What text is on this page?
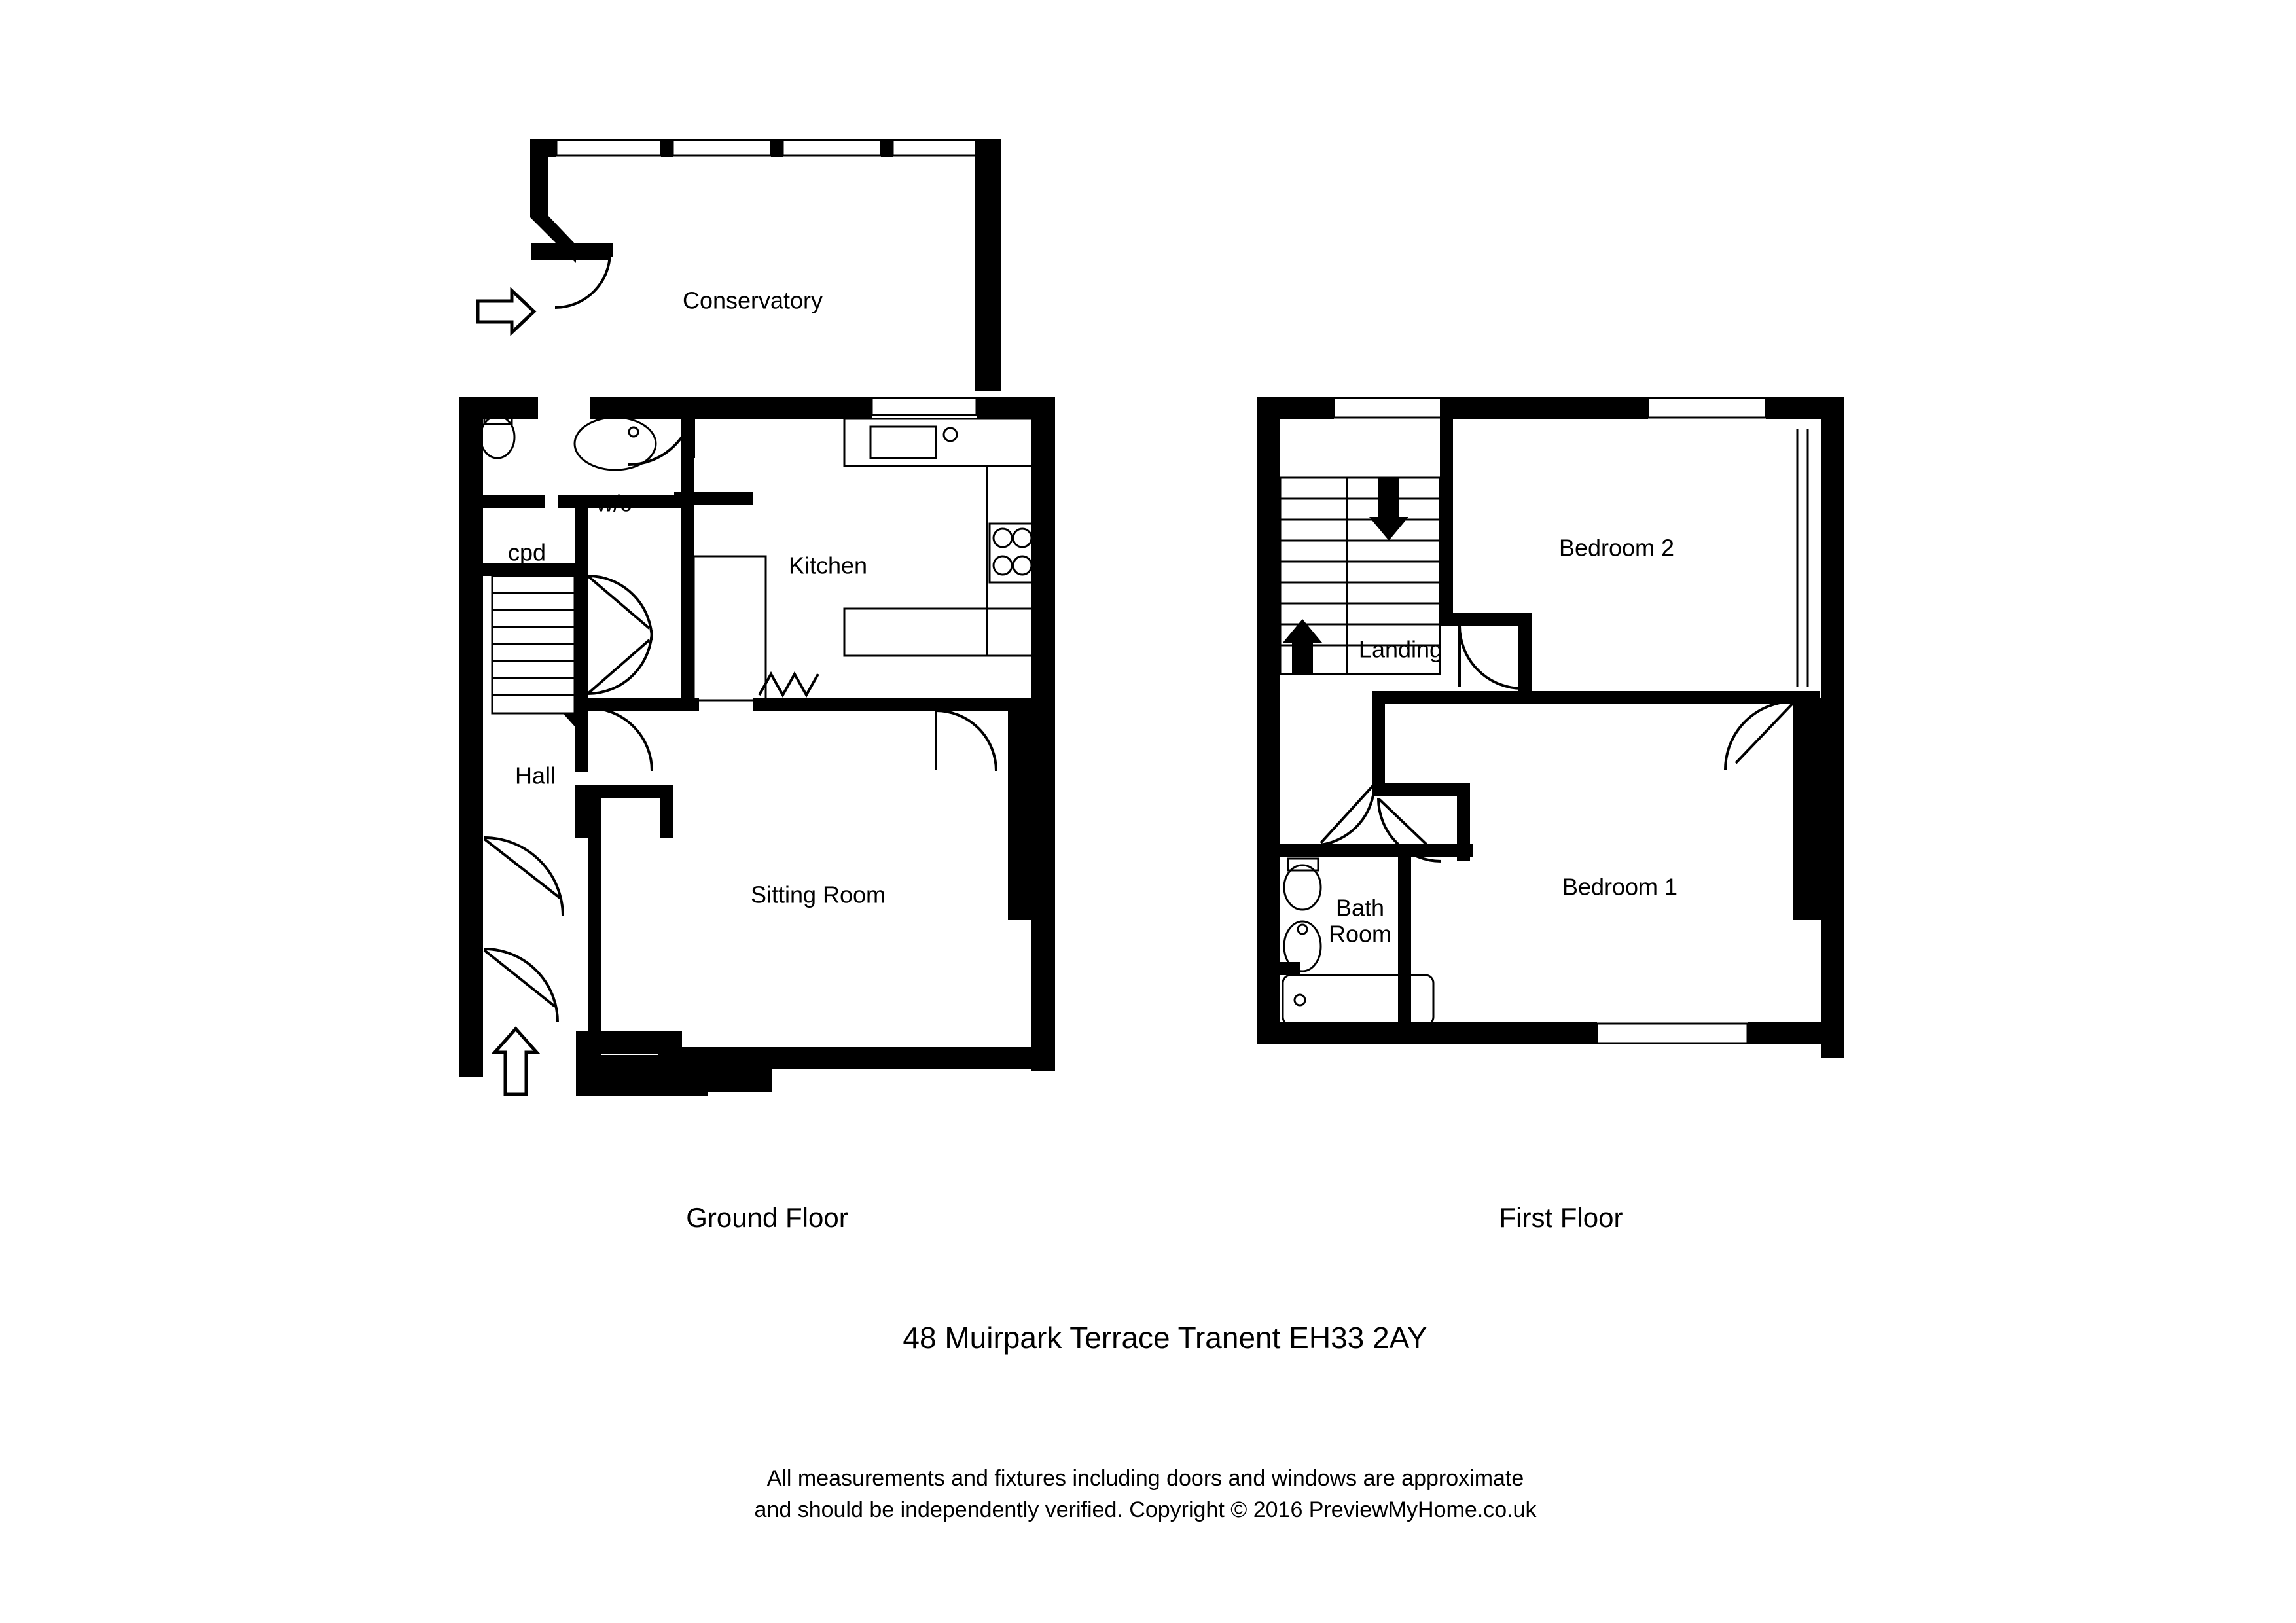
Conservatory
w/c
cpd	Kitchen
Hall
Sitting Room
Bedroom 2
Landing
Bath
Room
Bedroom 1
Ground Floor	First Floor
48 Muirpark Terrace Tranent EH33 2AY
All measurements and fixtures including doors and windows are approximate
and should be independently verified. Copyright © 2016 PreviewMyHome.co.uk
